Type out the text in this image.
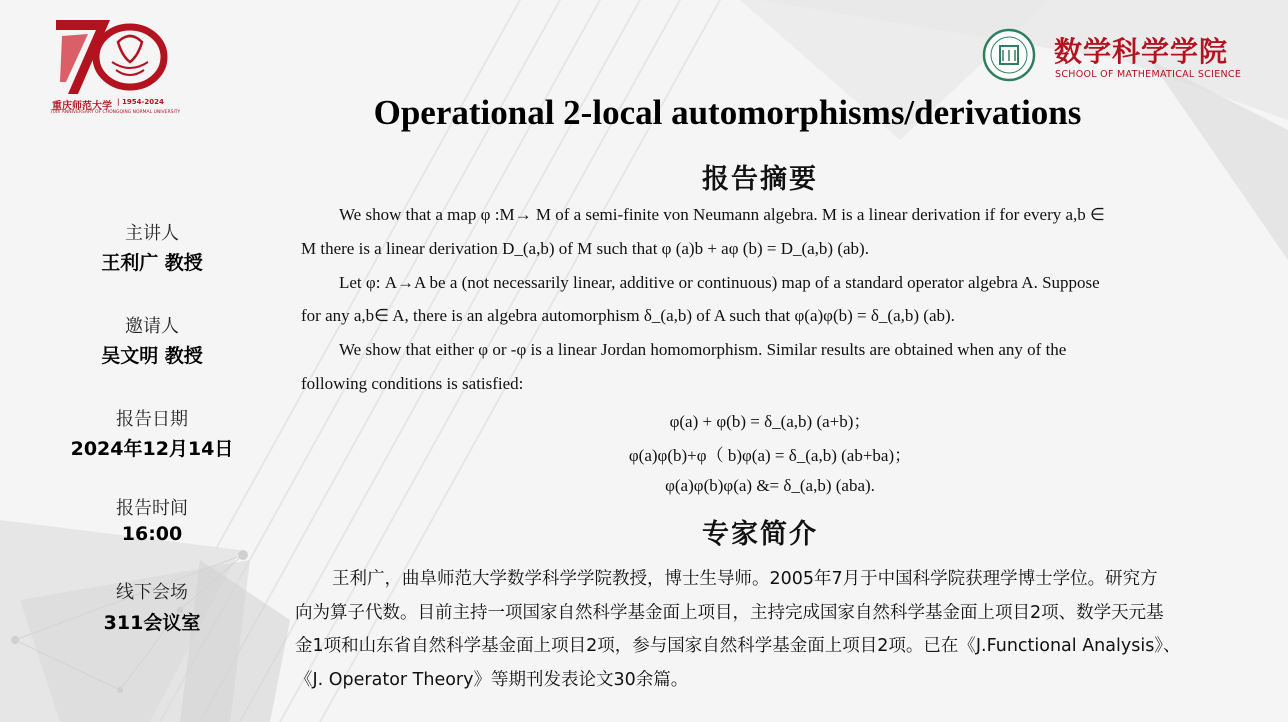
重庆师范大学 | 1954-2024
70th ANNIVERSARY OF CHONGQING NORMAL UNIVERSITY
数学科学学院
SCHOOL OF MATHEMATICAL SCIENCE
Operational 2-local automorphisms/derivations
主讲人
王利广 教授
邀请人
吴文明 教授
报告日期
2024年12月14日
报告时间
16:00
线下会场
311会议室
报告摘要
We show that a map φ :M→ M of a semi-finite von Neumann algebra. M is a linear derivation if for every a,b ∈
M there is a linear derivation D_(a,b) of M such that φ (a)b + aφ (b) = D_(a,b) (ab).
Let φ: A→A be a (not necessarily linear, additive or continuous) map of a standard operator algebra A. Suppose
for any a,b∈ A, there is an algebra automorphism δ_(a,b) of A such that φ(a)φ(b) = δ_(a,b) (ab).
We show that either φ or -φ is a linear Jordan homomorphism. Similar results are obtained when any of the
following conditions is satisfied:
φ(a) + φ(b) = δ_(a,b) (a+b)；
φ(a)φ(b)+φ（ b)φ(a) = δ_(a,b) (ab+ba)；
φ(a)φ(b)φ(a) &= δ_(a,b) (aba).
专家简介
王利广，曲阜师范大学数学科学学院教授，博士生导师。2005年7月于中国科学院获理学博士学位。研究方
向为算子代数。目前主持一项国家自然科学基金面上项目，主持完成国家自然科学基金面上项目2项、数学天元基
金1项和山东省自然科学基金面上项目2项，参与国家自然科学基金面上项目2项。已在《J.Functional Analysis》、
《J. Operator Theory》等期刊发表论文30余篇。
